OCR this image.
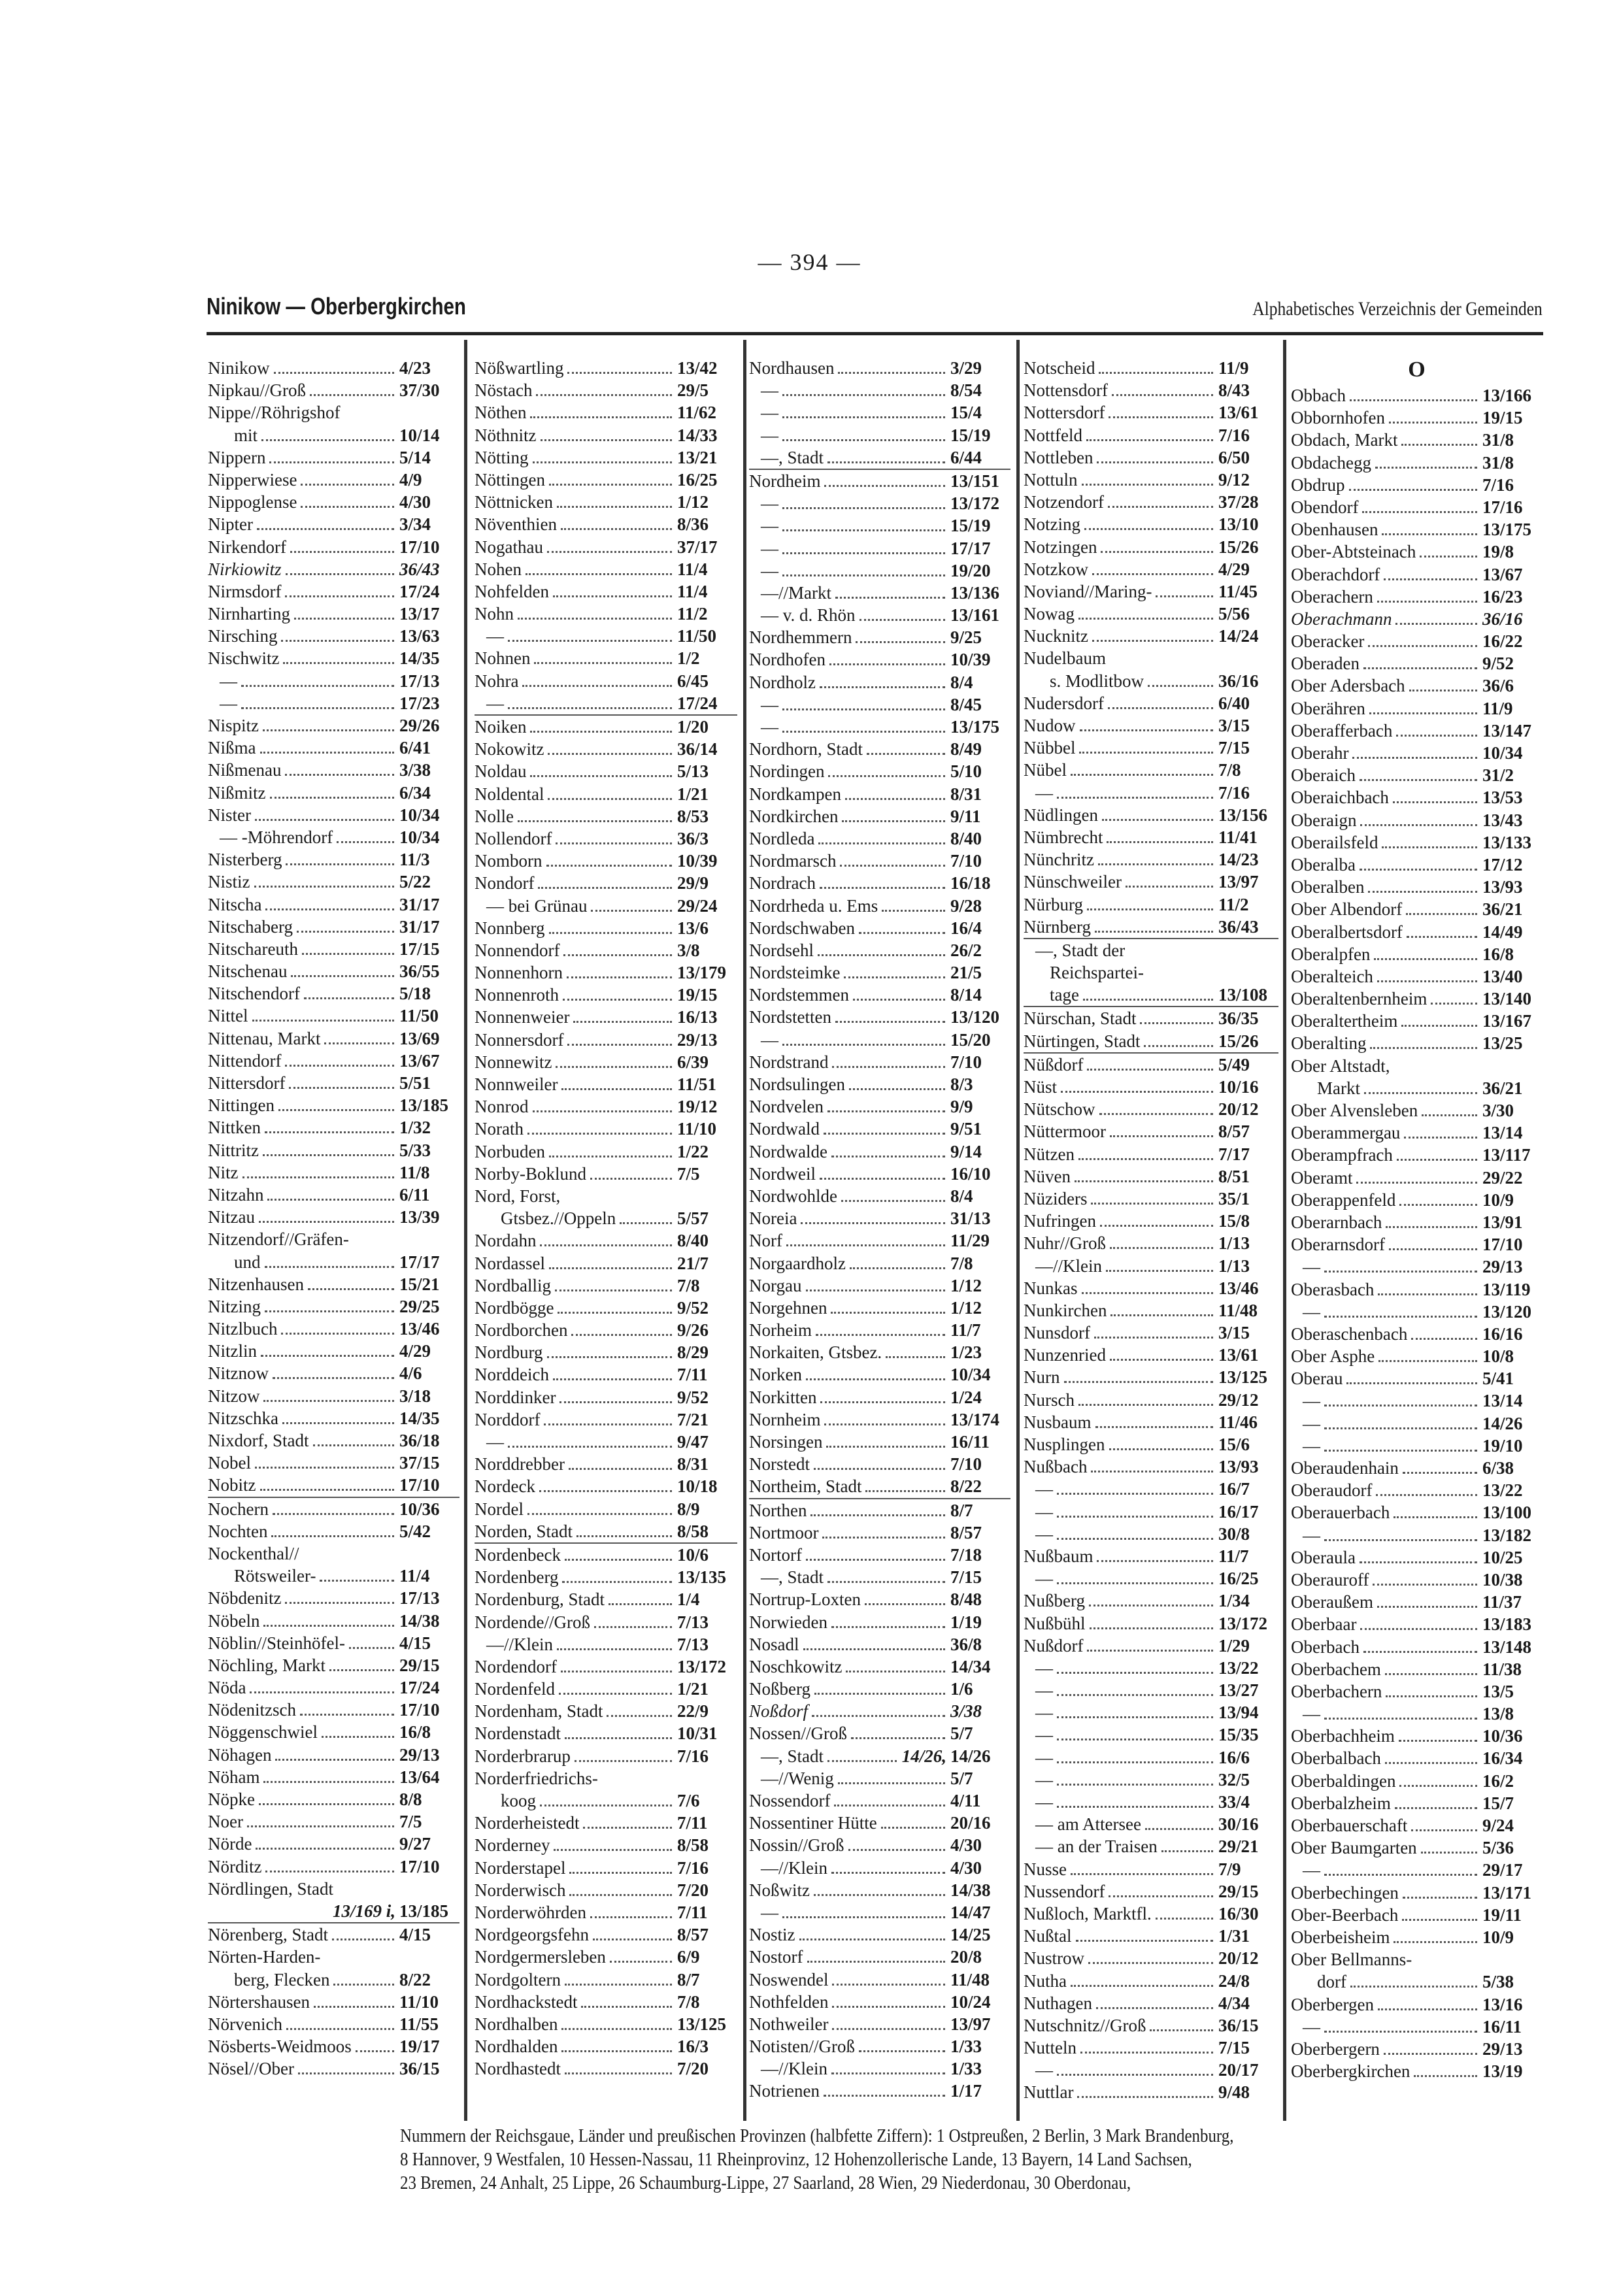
— 394 —
Ninikow — Oberbergkirchen	Alphabetisches Verzeichnis der Gemeinden
Ninikow	4/23
Nipkau//Groß	37/30
Nippe//Röhrigshof
mit	10/14
Nippern	5/14
Nipperwiese	4/9
Nippoglense	4/30
Nipter	3/34
Nirkendorf	17/10
Nirkiowitz	36/43
Nirmsdorf	17/24
Nirnharting	13/17
Nirsching	13/63
Nischwitz	14/35
—	17/13
—	17/23
Nispitz	29/26
Nißma	6/41
Nißmenau	3/38
Nißmitz	6/34
Nister	10/34
— -Möhrendorf	10/34
Nisterberg	11/3
Nistiz	5/22
Nitscha	31/17
Nitschaberg	31/17
Nitschareuth	17/15
Nitschenau	36/55
Nitschendorf	5/18
Nittel	11/50
Nittenau, Markt	13/69
Nittendorf	13/67
Nittersdorf	5/51
Nittingen	13/185
Nittken	1/32
Nittritz	5/33
Nitz	11/8
Nitzahn	6/11
Nitzau	13/39
Nitzendorf//Gräfen-
und	17/17
Nitzenhausen	15/21
Nitzing	29/25
Nitzlbuch	13/46
Nitzlin	4/29
Nitznow	4/6
Nitzow	3/18
Nitzschka	14/35
Nixdorf, Stadt	36/18
Nobel	37/15
Nobitz	17/10
Nochern	10/36
Nochten	5/42
Nockenthal//
Rötsweiler-	11/4
Nöbdenitz	17/13
Nöbeln	14/38
Nöblin//Steinhöfel-	4/15
Nöchling, Markt	29/15
Nöda	17/24
Nödenitzsch	17/10
Nöggenschwiel	16/8
Nöhagen	29/13
Nöham	13/64
Nöpke	8/8
Noer	7/5
Nörde	9/27
Nörditz	17/10
Nördlingen, Stadt
13/169 i, 13/185
Nörenberg, Stadt	4/15
Nörten-Harden-
berg, Flecken	8/22
Nörtershausen	11/10
Nörvenich	11/55
Nösberts-Weidmoos	19/17
Nösel//Ober	36/15
Nößwartling	13/42
Nöstach	29/5
Nöthen	11/62
Nöthnitz	14/33
Nötting	13/21
Nöttingen	16/25
Nöttnicken	1/12
Növenthien	8/36
Nogathau	37/17
Nohen	11/4
Nohfelden	11/4
Nohn	11/2
—	11/50
Nohnen	1/2
Nohra	6/45
—	17/24
Noiken	1/20
Nokowitz	36/14
Noldau	5/13
Noldental	1/21
Nolle	8/53
Nollendorf	36/3
Nomborn	10/39
Nondorf	29/9
— bei Grünau	29/24
Nonnberg	13/6
Nonnendorf	3/8
Nonnenhorn	13/179
Nonnenroth	19/15
Nonnenweier	16/13
Nonnersdorf	29/13
Nonnewitz	6/39
Nonnweiler	11/51
Nonrod	19/12
Norath	11/10
Norbuden	1/22
Norby-Boklund	7/5
Nord, Forst,
Gtsbez.//Oppeln	5/57
Nordahn	8/40
Nordassel	21/7
Nordballig	7/8
Nordbögge	9/52
Nordborchen	9/26
Nordburg	8/29
Norddeich	7/11
Norddinker	9/52
Norddorf	7/21
—	9/47
Norddrebber	8/31
Nordeck	10/18
Nordel	8/9
Norden, Stadt	8/58
Nordenbeck	10/6
Nordenberg	13/135
Nordenburg, Stadt	1/4
Nordende//Groß	7/13
—//Klein	7/13
Nordendorf	13/172
Nordenfeld	1/21
Nordenham, Stadt	22/9
Nordenstadt	10/31
Norderbrarup	7/16
Norderfriedrichs-
koog	7/6
Norderheistedt	7/11
Norderney	8/58
Norderstapel	7/16
Norderwisch	7/20
Norderwöhrden	7/11
Nordgeorgsfehn	8/57
Nordgermersleben	6/9
Nordgoltern	8/7
Nordhackstedt	7/8
Nordhalben	13/125
Nordhalden	16/3
Nordhastedt	7/20
Nordhausen	3/29
—	8/54
—	15/4
—	15/19
—, Stadt	6/44
Nordheim	13/151
—	13/172
—	15/19
—	17/17
—	19/20
—//Markt	13/136
— v. d. Rhön	13/161
Nordhemmern	9/25
Nordhofen	10/39
Nordholz	8/4
—	8/45
—	13/175
Nordhorn, Stadt	8/49
Nordingen	5/10
Nordkampen	8/31
Nordkirchen	9/11
Nordleda	8/40
Nordmarsch	7/10
Nordrach	16/18
Nordrheda u. Ems	9/28
Nordschwaben	16/4
Nordsehl	26/2
Nordsteimke	21/5
Nordstemmen	8/14
Nordstetten	13/120
—	15/20
Nordstrand	7/10
Nordsulingen	8/3
Nordvelen	9/9
Nordwald	9/51
Nordwalde	9/14
Nordweil	16/10
Nordwohlde	8/4
Noreia	31/13
Norf	11/29
Norgaardholz	7/8
Norgau	1/12
Norgehnen	1/12
Norheim	11/7
Norkaiten, Gtsbez.	1/23
Norken	10/34
Norkitten	1/24
Nornheim	13/174
Norsingen	16/11
Norstedt	7/10
Northeim, Stadt	8/22
Northen	8/7
Nortmoor	8/57
Nortorf	7/18
—, Stadt	7/15
Nortrup-Loxten	8/48
Norwieden	1/19
Nosadl	36/8
Noschkowitz	14/34
Noßberg	1/6
Noßdorf	3/38
Nossen//Groß	5/7
—, Stadt	14/26, 14/26
—//Wenig	5/7
Nossendorf	4/11
Nossentiner Hütte	20/16
Nossin//Groß	4/30
—//Klein	4/30
Noßwitz	14/38
—	14/47
Nostiz	14/25
Nostorf	20/8
Noswendel	11/48
Nothfelden	10/24
Nothweiler	13/97
Notisten//Groß	1/33
—//Klein	1/33
Notrienen	1/17
Notscheid	11/9
Nottensdorf	8/43
Nottersdorf	13/61
Nottfeld	7/16
Nottleben	6/50
Nottuln	9/12
Notzendorf	37/28
Notzing	13/10
Notzingen	15/26
Notzkow	4/29
Noviand//Maring-	11/45
Nowag	5/56
Nucknitz	14/24
Nudelbaum
s. Modlitbow	36/16
Nudersdorf	6/40
Nudow	3/15
Nübbel	7/15
Nübel	7/8
—	7/16
Nüdlingen	13/156
Nümbrecht	11/41
Nünchritz	14/23
Nünschweiler	13/97
Nürburg	11/2
Nürnberg	36/43
—, Stadt der
Reichspartei-
tage	13/108
Nürschan, Stadt	36/35
Nürtingen, Stadt	15/26
Nüßdorf	5/49
Nüst	10/16
Nütschow	20/12
Nüttermoor	8/57
Nützen	7/17
Nüven	8/51
Nüziders	35/1
Nufringen	15/8
Nuhr//Groß	1/13
—//Klein	1/13
Nunkas	13/46
Nunkirchen	11/48
Nunsdorf	3/15
Nunzenried	13/61
Nurn	13/125
Nursch	29/12
Nusbaum	11/46
Nusplingen	15/6
Nußbach	13/93
—	16/7
—	16/17
—	30/8
Nußbaum	11/7
—	16/25
Nußberg	1/34
Nußbühl	13/172
Nußdorf	1/29
—	13/22
—	13/27
—	13/94
—	15/35
—	16/6
—	32/5
—	33/4
— am Attersee	30/16
— an der Traisen	29/21
Nusse	7/9
Nussendorf	29/15
Nußloch, Marktfl.	16/30
Nußtal	1/31
Nustrow	20/12
Nutha	24/8
Nuthagen	4/34
Nutschnitz//Groß	36/15
Nutteln	7/15
—	20/17
Nuttlar	9/48
O
Obbach	13/166
Obbornhofen	19/15
Obdach, Markt	31/8
Obdachegg	31/8
Obdrup	7/16
Obendorf	17/16
Obenhausen	13/175
Ober-Abtsteinach	19/8
Oberachdorf	13/67
Oberachern	16/23
Oberachmann	36/16
Oberacker	16/22
Oberaden	9/52
Ober Adersbach	36/6
Oberähren	11/9
Oberafferbach	13/147
Oberahr	10/34
Oberaich	31/2
Oberaichbach	13/53
Oberaign	13/43
Oberailsfeld	13/133
Oberalba	17/12
Oberalben	13/93
Ober Albendorf	36/21
Oberalbertsdorf	14/49
Oberalpfen	16/8
Oberalteich	13/40
Oberaltenbernheim	13/140
Oberaltertheim	13/167
Oberalting	13/25
Ober Altstadt,
Markt	36/21
Ober Alvensleben	3/30
Oberammergau	13/14
Oberampfrach	13/117
Oberamt	29/22
Oberappenfeld	10/9
Oberarnbach	13/91
Oberarnsdorf	17/10
—	29/13
Oberasbach	13/119
—	13/120
Oberaschenbach	16/16
Ober Asphe	10/8
Oberau	5/41
—	13/14
—	14/26
—	19/10
Oberaudenhain	6/38
Oberaudorf	13/22
Oberauerbach	13/100
—	13/182
Oberaula	10/25
Oberauroff	10/38
Oberaußem	11/37
Oberbaar	13/183
Oberbach	13/148
Oberbachem	11/38
Oberbachern	13/5
—	13/8
Oberbachheim	10/36
Oberbalbach	16/34
Oberbaldingen	16/2
Oberbalzheim	15/7
Oberbauerschaft	9/24
Ober Baumgarten	5/36
—	29/17
Oberbechingen	13/171
Ober-Beerbach	19/11
Oberbeisheim	10/9
Ober Bellmanns-
dorf	5/38
Oberbergen	13/16
—	16/11
Oberbergern	29/13
Oberbergkirchen	13/19
Nummern der Reichsgaue, Länder und preußischen Provinzen (halbfette Ziffern): 1 Ostpreußen, 2 Berlin, 3 Mark Brandenburg,
8 Hannover, 9 Westfalen, 10 Hessen-Nassau, 11 Rheinprovinz, 12 Hohenzollerische Lande, 13 Bayern, 14 Land Sachsen,
23 Bremen, 24 Anhalt, 25 Lippe, 26 Schaumburg-Lippe, 27 Saarland, 28 Wien, 29 Niederdonau, 30 Oberdonau,
